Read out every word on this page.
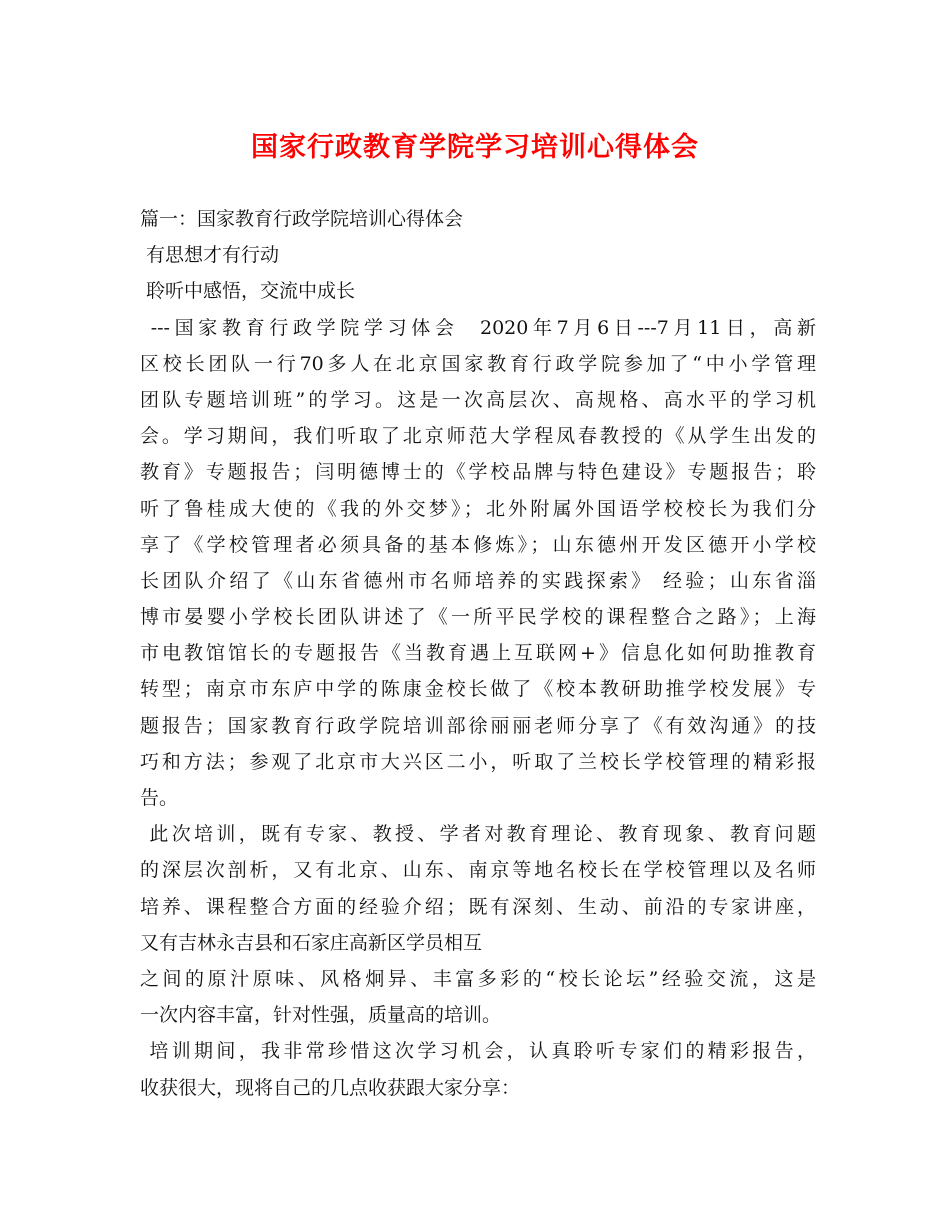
国家行政教育学院学习培训心得体会
篇一：国家教育行政学院培训心得体会
有思想才有行动
聆听中感悟，交流中成长
---国家教育行政学院学习体会  2020年7月6日---7月11日，高新
区校长团队一行70多人在北京国家教育行政学院参加了“中小学管理
团队专题培训班”的学习。这是一次高层次、高规格、高水平的学习机
会。学习期间，我们听取了北京师范大学程凤春教授的《从学生出发的
教育》专题报告；闫明德博士的《学校品牌与特色建设》专题报告；聆
听了鲁桂成大使的《我的外交梦》；北外附属外国语学校校长为我们分
享了《学校管理者必须具备的基本修炼》；山东德州开发区德开小学校
长团队介绍了《山东省德州市名师培养的实践探索》 经验；山东省淄
博市晏婴小学校长团队讲述了《一所平民学校的课程整合之路》；上海
市电教馆馆长的专题报告《当教育遇上互联网+》信息化如何助推教育
转型；南京市东庐中学的陈康金校长做了《校本教研助推学校发展》专
题报告；国家教育行政学院培训部徐丽丽老师分享了《有效沟通》的技
巧和方法；参观了北京市大兴区二小，听取了兰校长学校管理的精彩报
告。
此次培训，既有专家、教授、学者对教育理论、教育现象、教育问题
的深层次剖析，又有北京、山东、南京等地名校长在学校管理以及名师
培养、课程整合方面的经验介绍；既有深刻、生动、前沿的专家讲座，
又有吉林永吉县和石家庄高新区学员相互
之间的原汁原味、风格炯异、丰富多彩的“校长论坛”经验交流，这是
一次内容丰富，针对性强，质量高的培训。
培训期间，我非常珍惜这次学习机会，认真聆听专家们的精彩报告，
收获很大，现将自己的几点收获跟大家分享：
